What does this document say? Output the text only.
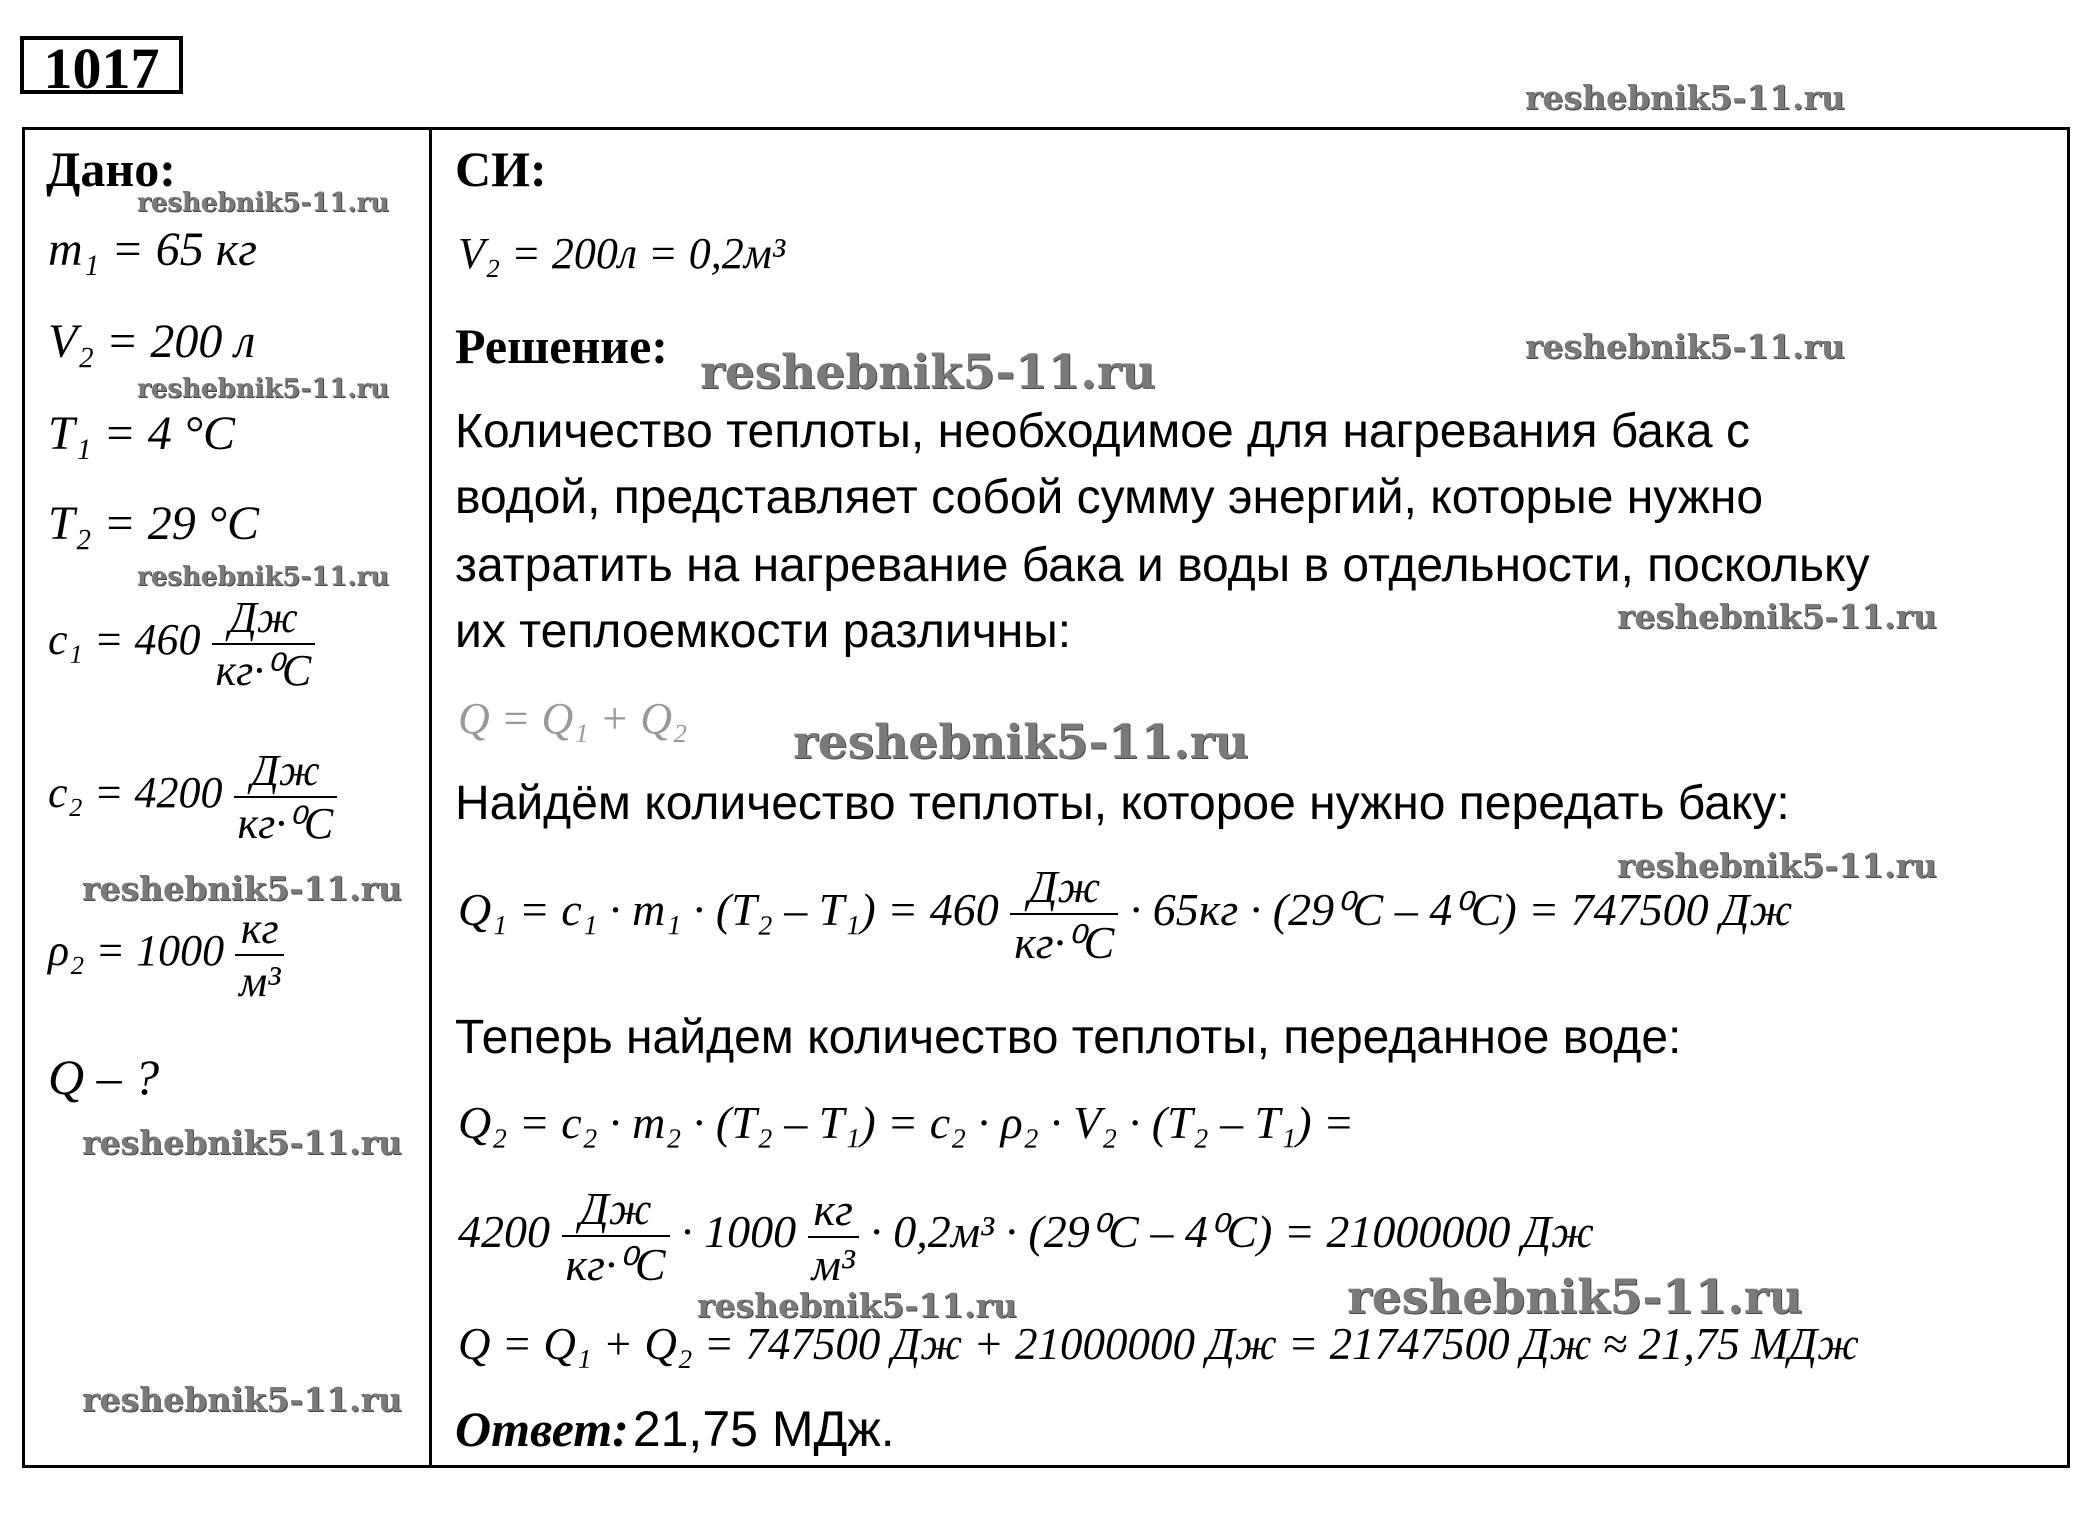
1017	reshebnik5-11.ru
reshebnik5-11.ru
reshebnik5-11.ru
reshebnik5-11.ru
reshebnik5-11.ru
reshebnik5-11.ru
reshebnik5-11.ru
reshebnik5-11.ru
reshebnik5-11.ru
reshebnik5-11.ru
reshebnik5-11.ru
reshebnik5-11.ru
reshebnik5-11.ru
reshebnik5-11.ru
Дано:
m₁ = 65 кг
V₂ = 200 л
T₁ = 4 °C
T₂ = 29 °C
$c_1 = 460 \frac{Дж}{\text{кг·⁰C}}$
$c_2 = 4200 \frac{Дж}{\text{кг·⁰C}}$
$\rho_2 = 1000 \frac{кг}{\text{м³}}$
Q – ?
СИ:
V₂ = 200л = 0,2м³
Решение:
Количество теплоты, необходимое для нагревания бака с
водой, представляет собой сумму энергий, которые нужно
затратить на нагревание бака и воды в отдельности, поскольку
их теплоемкости различны:
Q = Q₁ + Q₂
Найдём количество теплоты, которое нужно передать баку:
$Q_1 = c_1 \cdot m_1 \cdot (T_2 - T_1) = 460 \frac{Дж}{\text{кг·⁰C}} \cdot 65кг \cdot (29^0C - 4^0C) = 747500$ Дж
Теперь найдем количество теплоты, переданное воде:
Q₂ = c₂ · m₂ · (T₂ – T₁) = c₂ · ρ₂ · V₂ · (T₂ – T₁) =
$4200 \frac{Дж}{\text{кг·⁰C}} \cdot 1000 \frac{кг}{\text{м³}} \cdot 0,2м^3 \cdot (29^0C - 4^0C) = 21000000$ Дж
Q = Q₁ + Q₂ = 747500 Дж + 21000000 Дж = 21747500 Дж ≈ 21,75 МДж
Ответ: 21,75 МДж.
